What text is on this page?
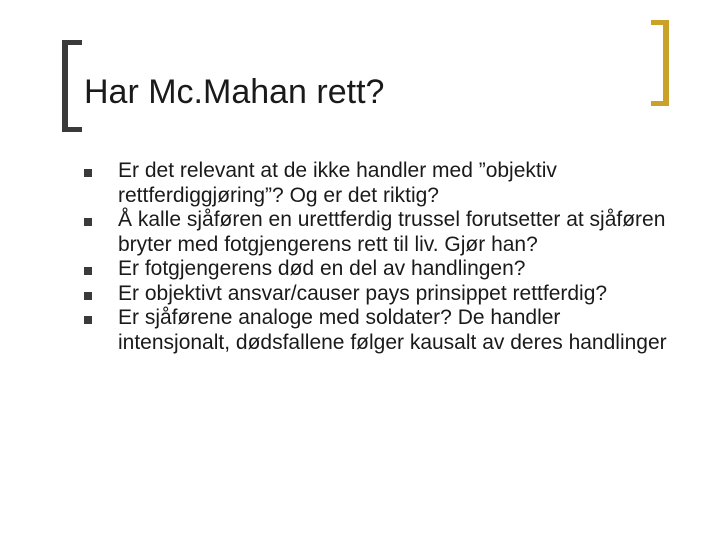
Har Mc.Mahan rett?
Er det relevant at de ikke handler med ”objektiv rettferdiggjøring”? Og er det riktig?
Å kalle sjåføren en urettferdig trussel forutsetter at sjåføren bryter med fotgjengerens rett til liv. Gjør han?
Er fotgjengerens død en del av handlingen?
Er objektivt ansvar/causer pays prinsippet rettferdig?
Er sjåførene analoge med soldater? De handler intensjonalt, dødsfallene følger kausalt av deres handlinger
